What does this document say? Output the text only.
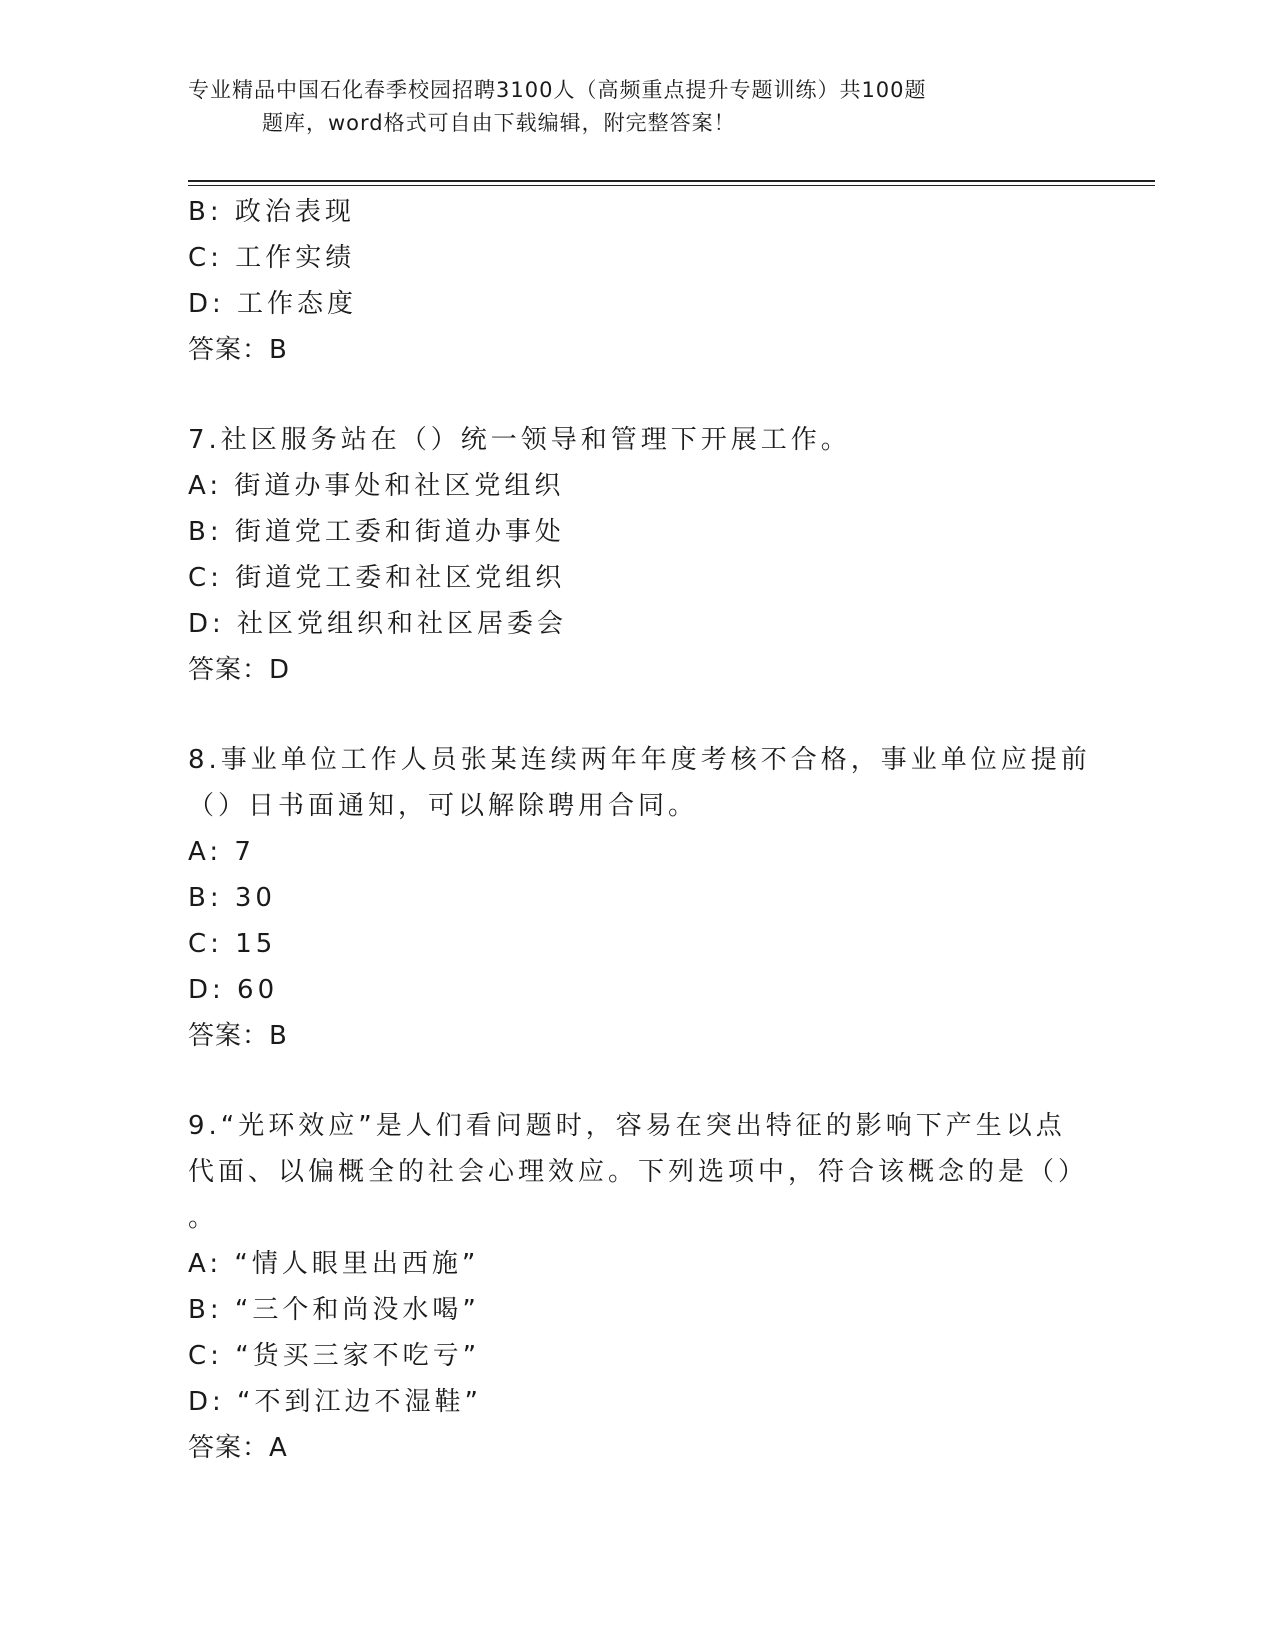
专业精品中国石化春季校园招聘3100人（高频重点提升专题训练）共100题
题库，word格式可自由下载编辑，附完整答案！
B: 政治表现
C: 工作实绩
D: 工作态度
答案：B
7.社区服务站在（）统一领导和管理下开展工作。
A: 街道办事处和社区党组织
B: 街道党工委和街道办事处
C: 街道党工委和社区党组织
D: 社区党组织和社区居委会
答案：D
8.事业单位工作人员张某连续两年年度考核不合格，事业单位应提前
（）日书面通知，可以解除聘用合同。
A: 7
B: 30
C: 15
D: 60
答案：B
9.“光环效应”是人们看问题时，容易在突出特征的影响下产生以点
代面、以偏概全的社会心理效应。下列选项中，符合该概念的是（）
。
A: “情人眼里出西施”
B: “三个和尚没水喝”
C: “货买三家不吃亏”
D: “不到江边不湿鞋”
答案：A
